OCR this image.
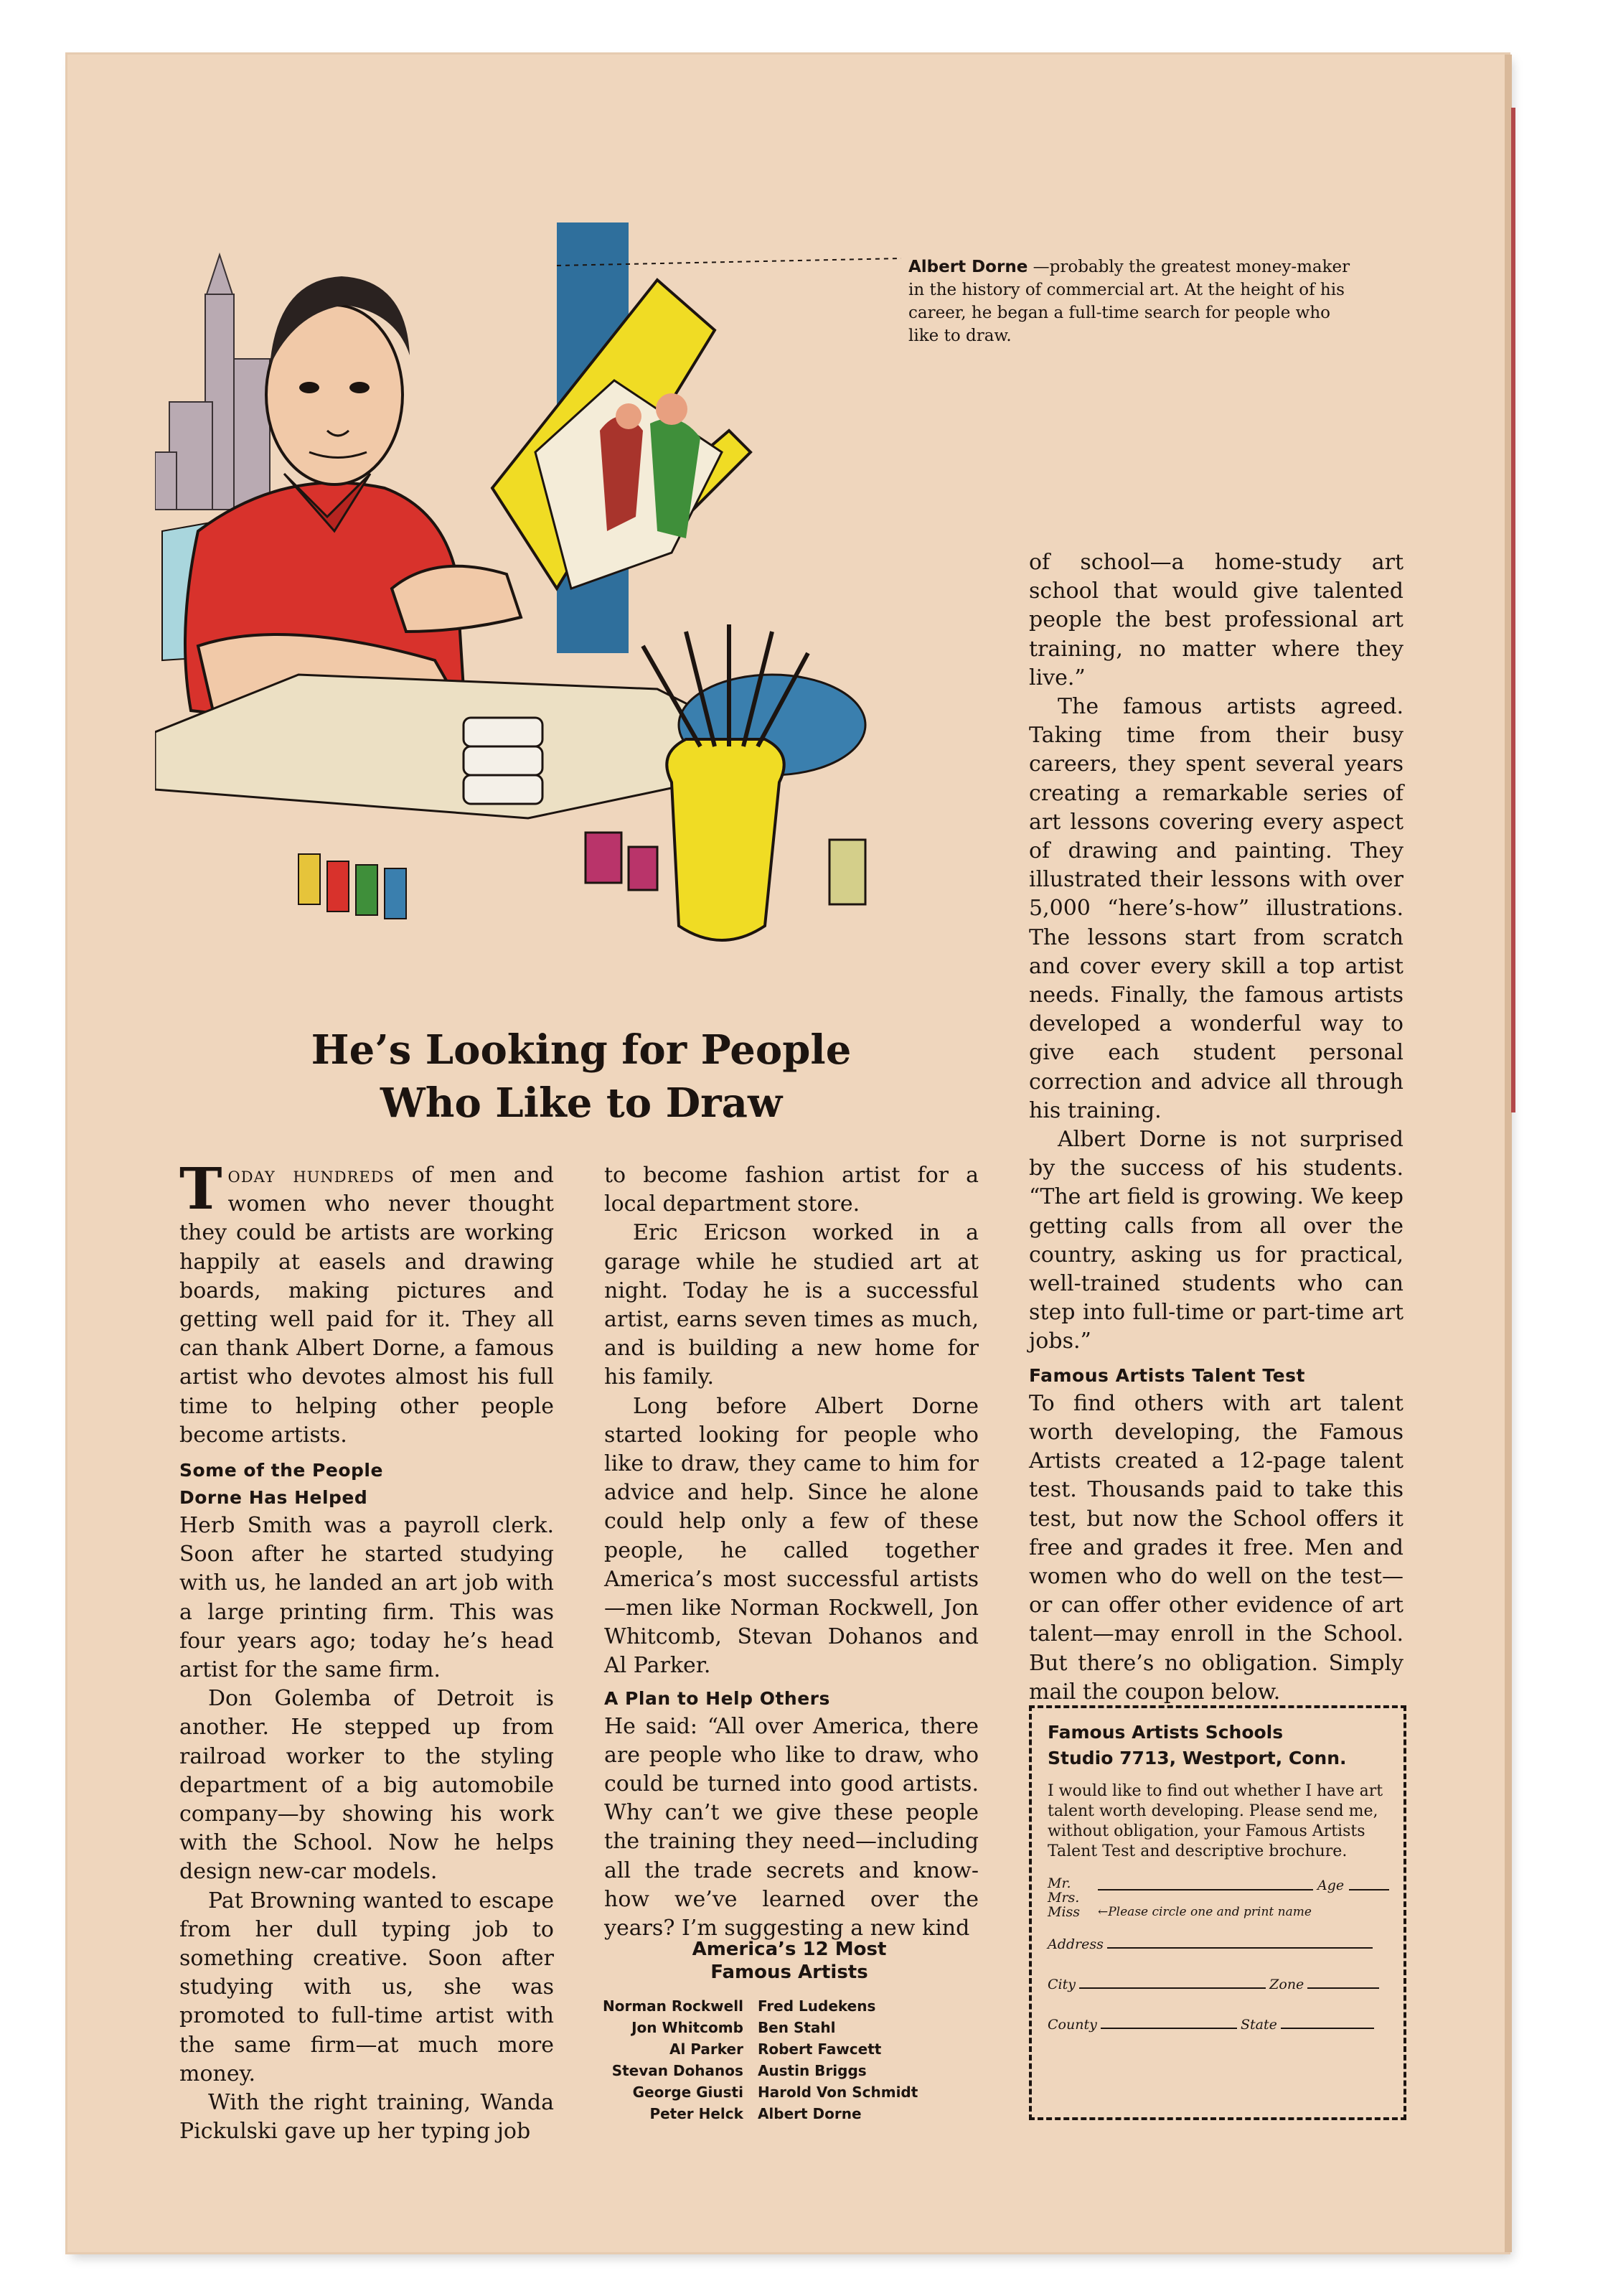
Albert Dorne —probably the greatest money-maker in the history of commercial art. At the height of his career, he began a full-time search for people who like to draw.
He’s Looking for People
Who Like to Draw

Today hundreds of men and women who never thought they could be artists are working happily at easels and drawing boards, making pictures and getting well paid for it. They all can thank Albert Dorne, a famous artist who devotes almost his full time to helping other people become artists.

Some of the People
Dorne Has Helped

Herb Smith was a payroll clerk. Soon after he started studying with us, he landed an art job with a large printing firm. This was four years ago; today he’s head artist for the same firm.

Don Golemba of Detroit is another. He stepped up from railroad worker to the styling department of a big automobile company—by showing his work with the School. Now he helps design new-car models.

Pat Browning wanted to escape from her dull typing job to something creative. Soon after studying with us, she was promoted to full-time artist with the same firm—at much more money.

With the right training, Wanda Pickulski gave up her typing job

to become fashion artist for a local department store.

Eric Ericson worked in a garage while he studied art at night. Today he is a successful artist, earns seven times as much, and is building a new home for his family.

Long before Albert Dorne started looking for people who like to draw, they came to him for advice and help. Since he alone could help only a few of these people, he called together America’s most successful artists—men like Norman Rockwell, Jon Whitcomb, Stevan Dohanos and Al Parker.

A Plan to Help Others

He said: “All over America, there are people who like to draw, who could be turned into good artists. Why can’t we give these people the training they need—including all the trade secrets and know-how we’ve learned over the years? I’m suggesting a new kind

of school—a home-study art school that would give talented people the best professional art training, no matter where they live.”

The famous artists agreed. Taking time from their busy careers, they spent several years creating a remarkable series of art lessons covering every aspect of drawing and painting. They illustrated their lessons with over 5,000 “here’s-how” illustrations. The lessons start from scratch and cover every skill a top artist needs. Finally, the famous artists developed a wonderful way to give each student personal correction and advice all through his training.

Albert Dorne is not surprised by the success of his students. “The art field is growing. We keep getting calls from all over the country, asking us for practical, well-trained students who can step into full-time or part-time art jobs.”

Famous Artists Talent Test

To find others with art talent worth developing, the Famous Artists created a 12-page talent test. Thousands paid to take this test, but now the School offers it free and grades it free. Men and women who do well on the test—or can offer other evidence of art talent—may enroll in the School. But there’s no obligation. Simply mail the coupon below.

America’s 12 Most
Famous Artists
Norman Rockwell	Fred Ludekens
Jon Whitcomb	Ben Stahl
Al Parker	Robert Fawcett
Stevan Dohanos	Austin Briggs
George Giusti	Harold Von Schmidt
Peter Helck	Albert Dorne
Famous Artists Schools
Studio 7713, Westport, Conn.
I would like to find out whether I have art talent worth developing. Please send me, without obligation, your Famous Artists Talent Test and descriptive brochure.
Mr.
Mrs.
Miss
Age
←Please circle one and print name
Address
City	Zone
County	State
